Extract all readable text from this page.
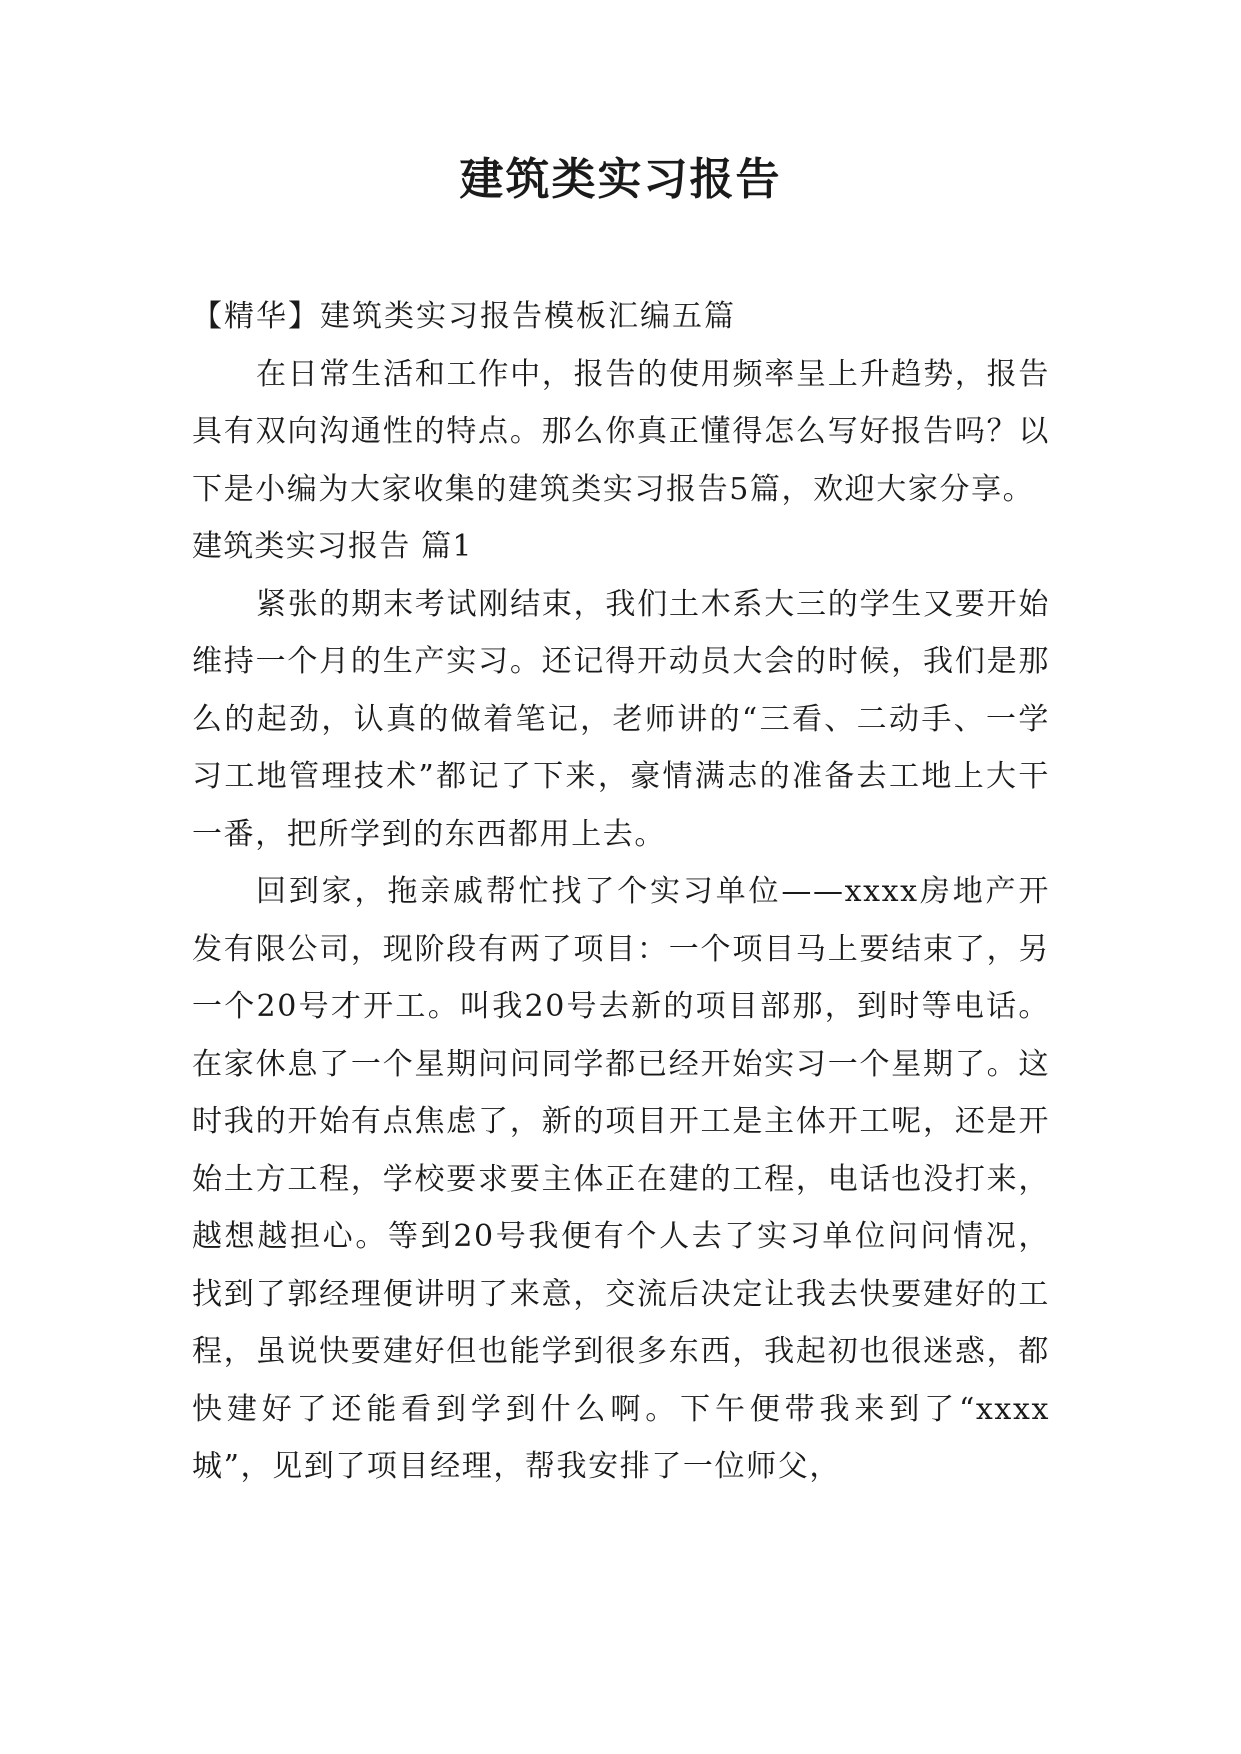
建筑类实习报告

【精华】建筑类实习报告模板汇编五篇

在日常生活和工作中，报告的使用频率呈上升趋势，报告具有双向沟通性的特点。那么你真正懂得怎么写好报告吗？以下是小编为大家收集的建筑类实习报告5篇，欢迎大家分享。

建筑类实习报告 篇1

紧张的期末考试刚结束，我们土木系大三的学生又要开始维持一个月的生产实习。还记得开动员大会的时候，我们是那么的起劲，认真的做着笔记，老师讲的“三看、二动手、一学习工地管理技术”都记了下来，豪情满志的准备去工地上大干一番，把所学到的东西都用上去。

回到家，拖亲戚帮忙找了个实习单位——xxxx房地产开发有限公司，现阶段有两了项目：一个项目马上要结束了，另一个20号才开工。叫我20号去新的项目部那，到时等电话。在家休息了一个星期问问同学都已经开始实习一个星期了。这时我的开始有点焦虑了，新的项目开工是主体开工呢，还是开始土方工程，学校要求要主体正在建的工程，电话也没打来，越想越担心。等到20号我便有个人去了实习单位问问情况，找到了郭经理便讲明了来意，交流后决定让我去快要建好的工程，虽说快要建好但也能学到很多东西，我起初也很迷惑，都快建好了还能看到学到什么啊。下午便带我来到了“xxxx城”，见到了项目经理，帮我安排了一位师父，
